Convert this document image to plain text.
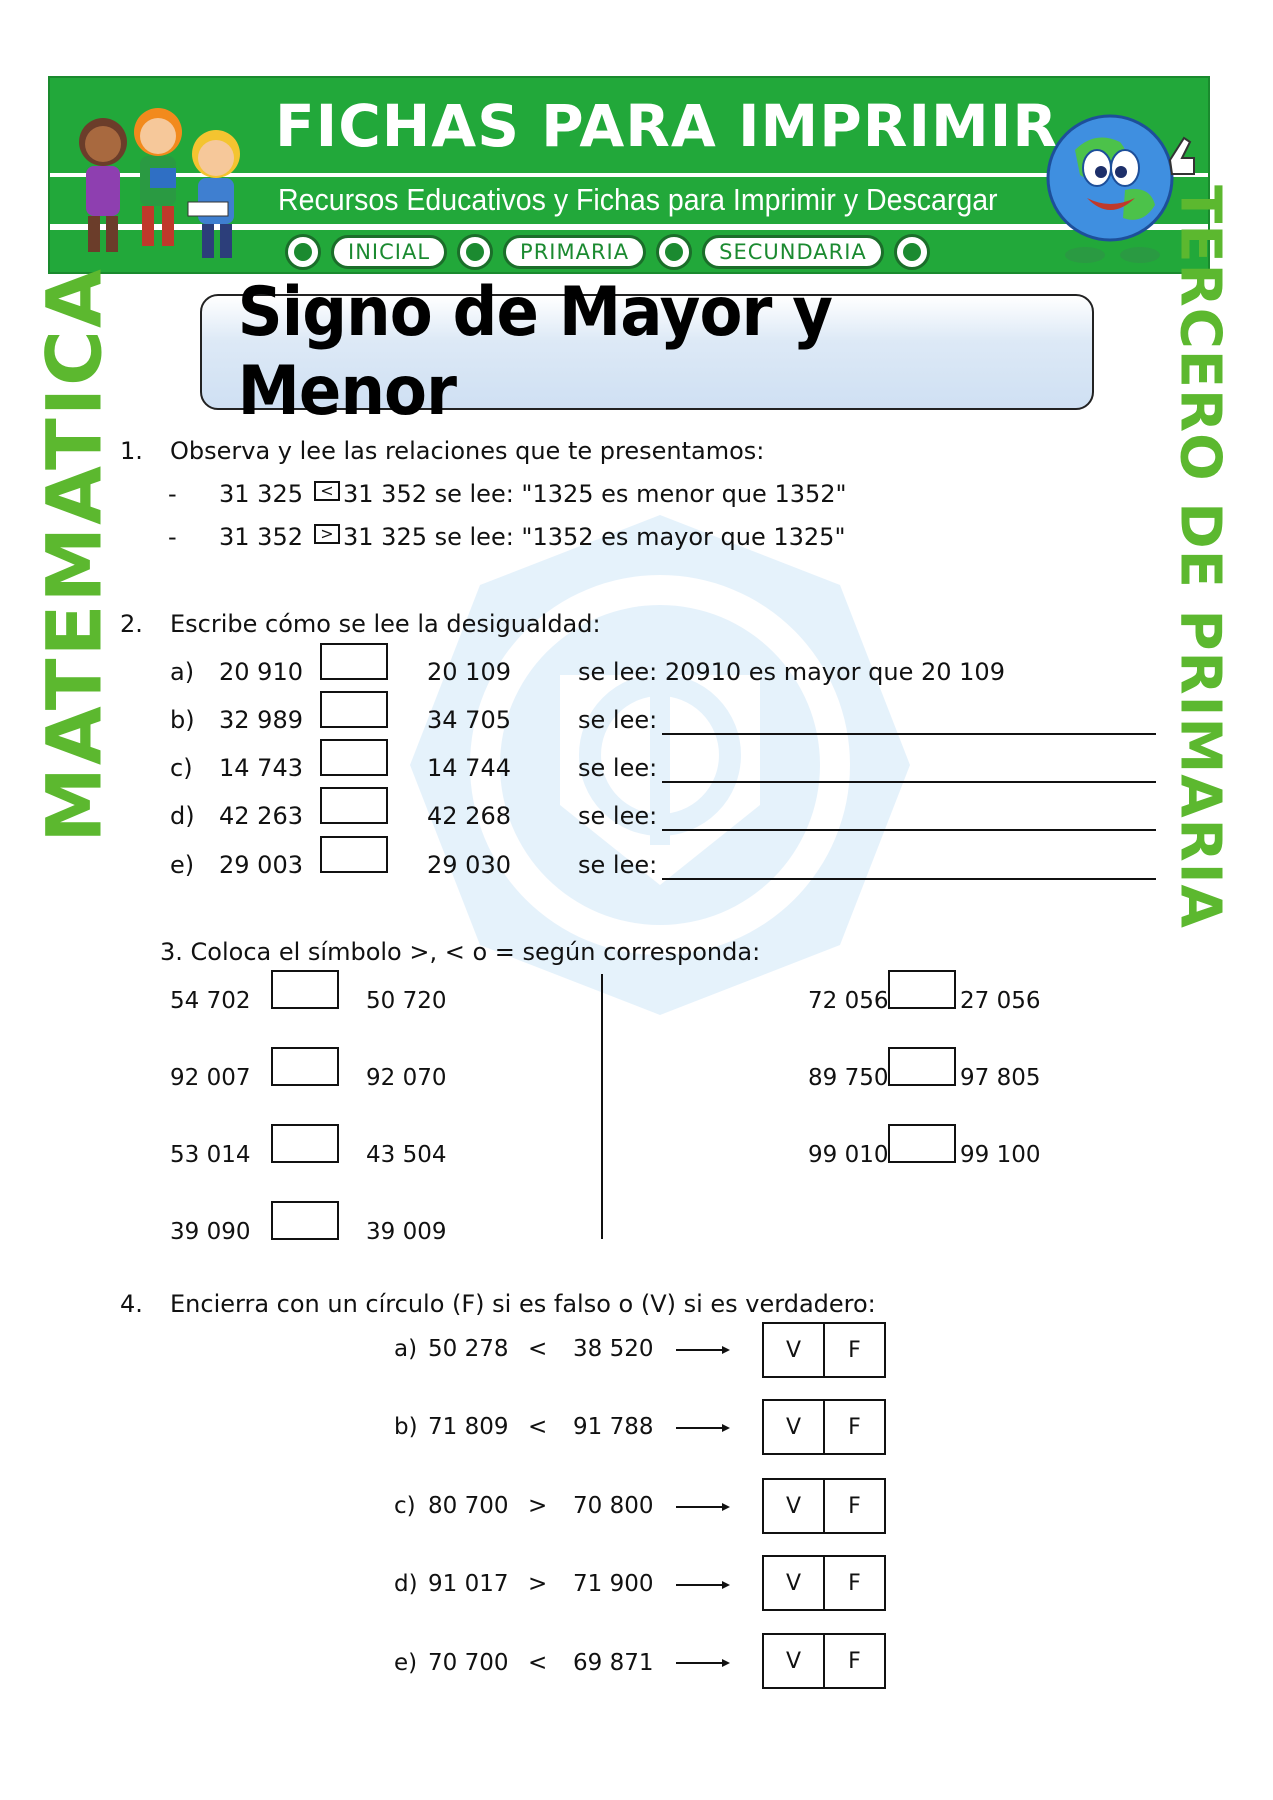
FICHAS PARA IMPRIMIR
Recursos Educativos y Fichas para Imprimir y Descargar
INICIAL	PRIMARIA	SECUNDARIA
MATEMATICA	TERCERO DE PRIMARIA
Signo de Mayor y Menor
1. Observa y lee las relaciones que te presentamos:
- 31 325	< 31 352 se lee: "1325 es menor que 1352"
- 31 352	> 31 325 se lee: "1352 es mayor que 1325"
2. Escribe cómo se lee la desigualdad:
a) 20 910	20 109	se lee: 20910 es mayor que 20 109
b) 32 989	34 705	se lee:
c) 14 743	14 744	se lee:
d) 42 263	42 268	se lee:
e) 29 003	29 030	se lee:
3. Coloca el símbolo >, < o = según corresponda:
54 702	50 720
92 007	92 070
53 014	43 504
39 090	39 009
72 056	27 056
89 750	97 805
99 010	99 100
4. Encierra con un círculo (F) si es falso o (V) si es verdadero:
a) 50 278 < 38 520	V	F
b) 71 809 < 91 788	V	F
c) 80 700 > 70 800	V	F
d) 91 017 > 71 900	V	F
e) 70 700 < 69 871	V	F
